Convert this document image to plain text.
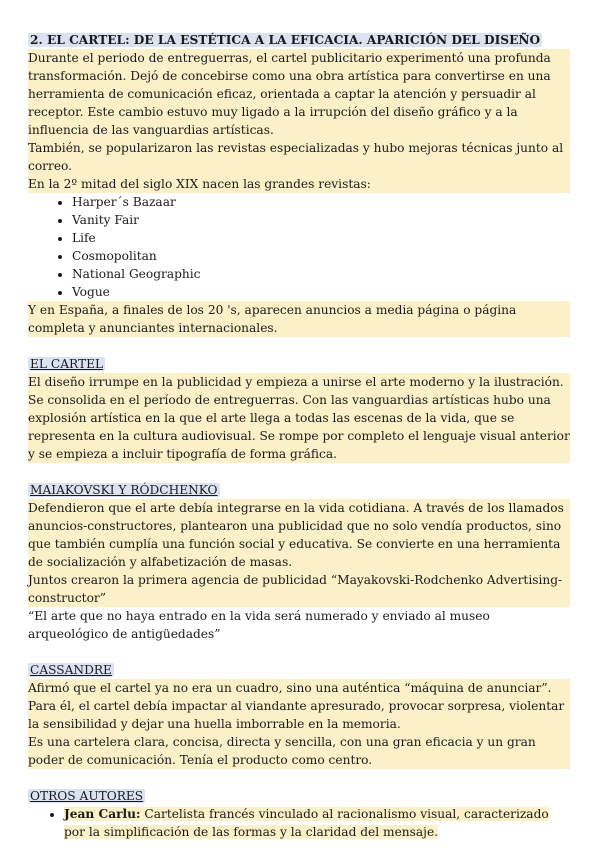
2. EL CARTEL: DE LA ESTÉTICA A LA EFICACIA. APARICIÓN DEL DISEÑO

Durante el periodo de entreguerras, el cartel publicitario experimentó una profunda transformación. Dejó de concebirse como una obra artística para convertirse en una herramienta de comunicación eficaz, orientada a captar la atención y persuadir al receptor. Este cambio estuvo muy ligado a la irrupción del diseño gráfico y a la influencia de las vanguardias artísticas.

También, se popularizaron las revistas especializadas y hubo mejoras técnicas junto al correo.

En la 2º mitad del siglo XIX nacen las grandes revistas:

• Harper´s Bazaar
• Vanity Fair
• Life
• Cosmopolitan
• National Geographic
• Vogue

Y en España, a finales de los 20 's, aparecen anuncios a media página o página completa y anunciantes internacionales.

EL CARTEL

El diseño irrumpe en la publicidad y empieza a unirse el arte moderno y la ilustración. Se consolida en el período de entreguerras. Con las vanguardias artísticas hubo una explosión artística en la que el arte llega a todas las escenas de la vida, que se representa en la cultura audiovisual. Se rompe por completo el lenguaje visual anterior y se empieza a incluir tipografía de forma gráfica.

MAIAKOVSKI Y RÓDCHENKO

Defendieron que el arte debía integrarse en la vida cotidiana. A través de los llamados anuncios-constructores, plantearon una publicidad que no solo vendía productos, sino que también cumplía una función social y educativa. Se convierte en una herramienta de socialización y alfabetización de masas.

Juntos crearon la primera agencia de publicidad “Mayakovski-Rodchenko Advertising-constructor”

“El arte que no haya entrado en la vida será numerado y enviado al museo arqueológico de antigüedades”

CASSANDRE

Afirmó que el cartel ya no era un cuadro, sino una auténtica “máquina de anunciar”. Para él, el cartel debía impactar al viandante apresurado, provocar sorpresa, violentar la sensibilidad y dejar una huella imborrable en la memoria.

Es una cartelera clara, concisa, directa y sencilla, con una gran eficacia y un gran poder de comunicación. Tenía el producto como centro.

OTROS AUTORES
• Jean Carlu: Cartelista francés vinculado al racionalismo visual, caracterizado por la simplificación de las formas y la claridad del mensaje.
